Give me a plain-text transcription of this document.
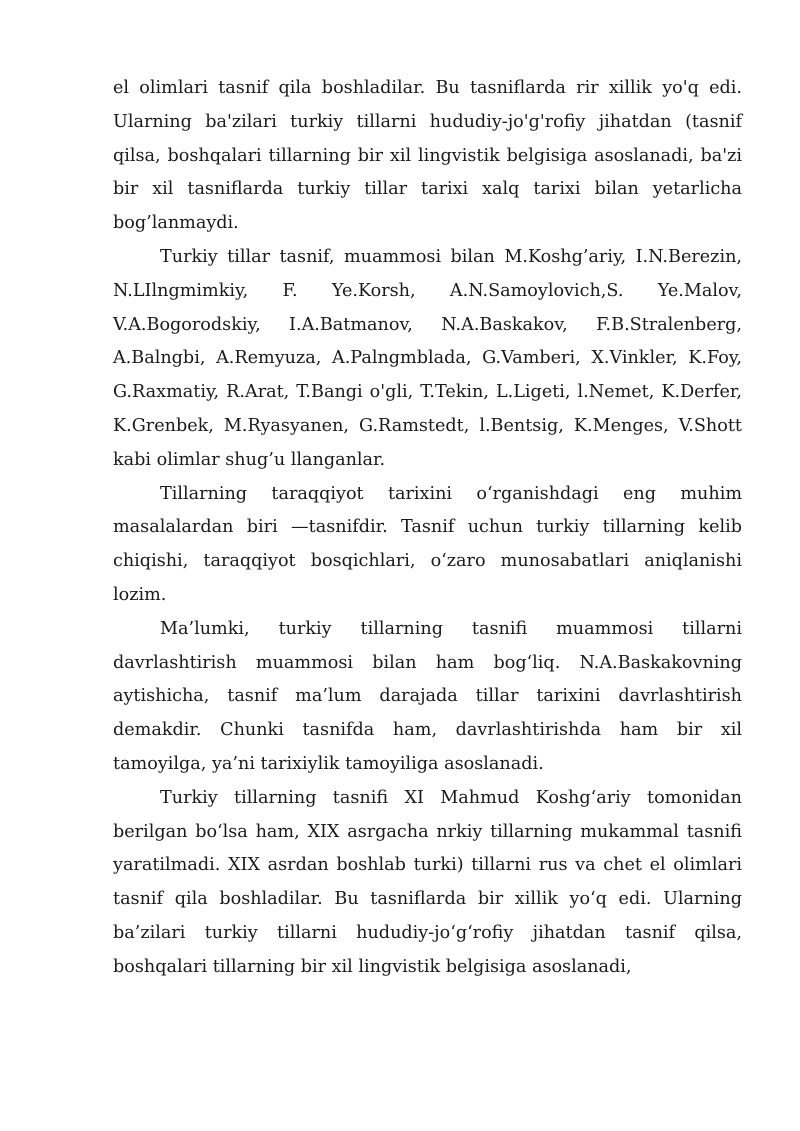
el olimlari tasnif qila boshladilar. Bu tasniflarda rir xillik yo'q edi. Ularning ba'zilari turkiy tillarni hududiy-jo'g'rofiy jihatdan (tasnif qilsa, boshqalari tillarning bir xil lingvistik belgisiga asoslanadi, ba'zi bir xil tasniflarda turkiy tillar tarixi xalq tarixi bilan yetarlicha bog’lanmaydi.

Turkiy tillar tasnif, muammosi bilan M.Koshg’ariy, I.N.Berezin, N.LIlngmimkiy, F. Ye.Korsh, A.N.Samoylovich,S. Ye.Malov, V.A.Bogorodskiy, I.A.Batmanov, N.A.Baskakov, F.B.Stralenberg, A.Balngbi, A.Remyuza, A.Palngmblada, G.Vamberi, X.Vinkler, K.Foy, G.Raxmatiy, R.Arat, T.Bangi o'gli, T.Tekin, L.Ligeti, l.Nemet, K.Derfer, K.Grenbek, M.Ryasyanen, G.Ramstedt, l.Bentsig, K.Menges, V.Shott kabi olimlar shug’u llanganlar.

Tillarning taraqqiyot tarixini o‘rganishdagi eng muhim masalalardan biri —tasnifdir. Tasnif uchun turkiy tillarning kelib chiqishi, taraqqiyot bosqichlari, o‘zaro munosabatlari aniqlanishi lozim.

Ma’lumki, turkiy tillarning tasnifi muammosi tillarni davrlashtirish muammosi bilan ham bog‘liq. N.A.Baskakovning aytishicha, tasnif ma’lum darajada tillar tarixini davrlashtirish demakdir. Chunki tasnifda ham, davrlashtirishda ham bir xil tamoyilga, ya’ni tarixiylik tamoyiliga asoslanadi.

Turkiy tillarning tasnifi XI Mahmud Koshg‘ariy tomonidan berilgan bo‘lsa ham, XIX asrgacha nrkiy tillarning mukammal tasnifi yaratilmadi. XIX asrdan boshlab turki) tillarni rus va chet el olimlari tasnif qila boshladilar. Bu tasniflarda bir xillik yo‘q edi. Ularning ba’zilari turkiy tillarni hududiy-jo‘g‘rofiy jihatdan tasnif qilsa, boshqalari tillarning bir xil lingvistik belgisiga asoslanadi,
